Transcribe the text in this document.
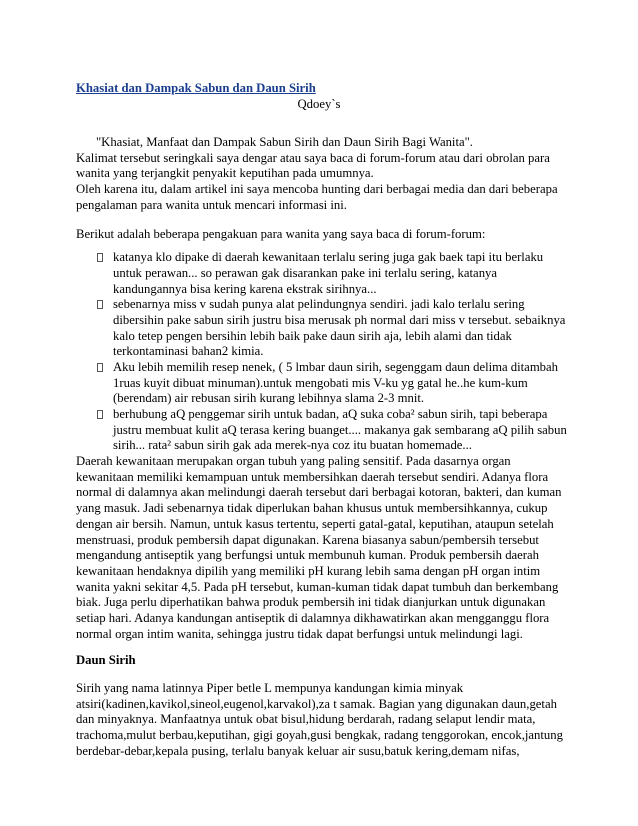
Khasiat dan Dampak Sabun dan Daun Sirih
Qdoey`s
"Khasiat, Manfaat dan Dampak Sabun Sirih dan Daun Sirih Bagi Wanita".
Kalimat tersebut seringkali saya dengar atau saya baca di forum-forum atau dari obrolan para
wanita yang terjangkit penyakit keputihan pada umumnya.
Oleh karena itu, dalam artikel ini saya mencoba hunting dari berbagai media dan dari beberapa
pengalaman para wanita untuk mencari informasi ini.
Berikut adalah beberapa pengakuan para wanita yang saya baca di forum-forum:
katanya klo dipake di daerah kewanitaan terlalu sering juga gak baek tapi itu berlaku
untuk perawan... so perawan gak disarankan pake ini terlalu sering, katanya
kandungannya bisa kering karena ekstrak sirihnya...
sebenarnya miss v sudah punya alat pelindungnya sendiri. jadi kalo terlalu sering
dibersihin pake sabun sirih justru bisa merusak ph normal dari miss v tersebut. sebaiknya
kalo tetep pengen bersihin lebih baik pake daun sirih aja, lebih alami dan tidak
terkontaminasi bahan2 kimia.
Aku lebih memilih resep nenek, ( 5 lmbar daun sirih, segenggam daun delima ditambah
1ruas kuyit dibuat minuman).untuk mengobati mis V-ku yg gatal he..he kum-kum
(berendam) air rebusan sirih kurang lebihnya slama 2-3 mnit.
berhubung aQ penggemar sirih untuk badan, aQ suka coba² sabun sirih, tapi beberapa
justru membuat kulit aQ terasa kering buanget.... makanya gak sembarang aQ pilih sabun
sirih... rata² sabun sirih gak ada merek-nya coz itu buatan homemade...
Daerah kewanitaan merupakan organ tubuh yang paling sensitif. Pada dasarnya organ
kewanitaan memiliki kemampuan untuk membersihkan daerah tersebut sendiri. Adanya flora
normal di dalamnya akan melindungi daerah tersebut dari berbagai kotoran, bakteri, dan kuman
yang masuk. Jadi sebenarnya tidak diperlukan bahan khusus untuk membersihkannya, cukup
dengan air bersih. Namun, untuk kasus tertentu, seperti gatal-gatal, keputihan, ataupun setelah
menstruasi, produk pembersih dapat digunakan. Karena biasanya sabun/pembersih tersebut
mengandung antiseptik yang berfungsi untuk membunuh kuman. Produk pembersih daerah
kewanitaan hendaknya dipilih yang memiliki pH kurang lebih sama dengan pH organ intim
wanita yakni sekitar 4,5. Pada pH tersebut, kuman-kuman tidak dapat tumbuh dan berkembang
biak. Juga perlu diperhatikan bahwa produk pembersih ini tidak dianjurkan untuk digunakan
setiap hari. Adanya kandungan antiseptik di dalamnya dikhawatirkan akan mengganggu flora
normal organ intim wanita, sehingga justru tidak dapat berfungsi untuk melindungi lagi.
Daun Sirih
Sirih yang nama latinnya Piper betle L mempunya kandungan kimia minyak
atsiri(kadinen,kavikol,sineol,eugenol,karvakol),za t samak. Bagian yang digunakan daun,getah
dan minyaknya. Manfaatnya untuk obat bisul,hidung berdarah, radang selaput lendir mata,
trachoma,mulut berbau,keputihan, gigi goyah,gusi bengkak, radang tenggorokan, encok,jantung
berdebar-debar,kepala pusing, terlalu banyak keluar air susu,batuk kering,demam nifas,
